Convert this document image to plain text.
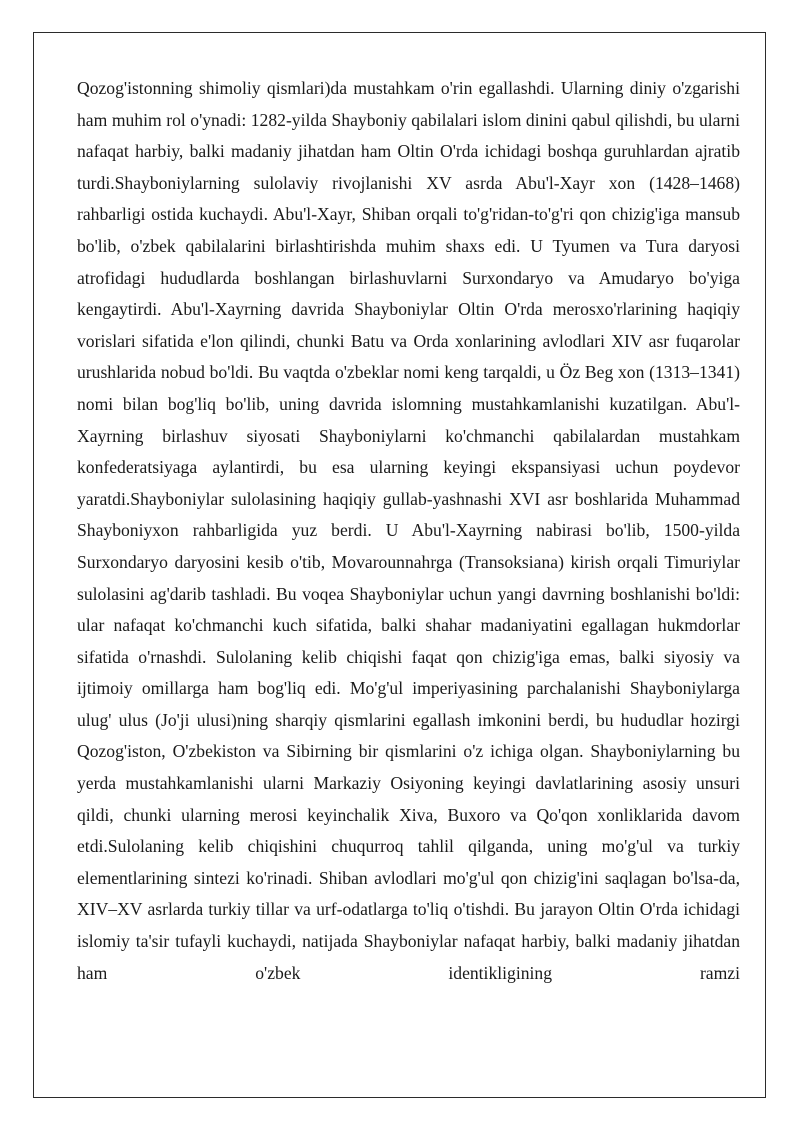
Qozog'istonning shimoliy qismlari)da mustahkam o'rin egallashdi. Ularning diniy o'zgarishi ham muhim rol o'ynadi: 1282-yilda Shayboniy qabilalari islom dinini qabul qilishdi, bu ularni nafaqat harbiy, balki madaniy jihatdan ham Oltin O'rda ichidagi boshqa guruhlardan ajratib turdi.Shayboniylarning sulolaviy rivojlanishi XV asrda Abu'l-Xayr xon (1428–1468) rahbarligi ostida kuchaydi. Abu'l-Xayr, Shiban orqali to'g'ridan-to'g'ri qon chizig'iga mansub bo'lib, o'zbek qabilalarini birlashtirishda muhim shaxs edi. U Tyumen va Tura daryosi atrofidagi hududlarda boshlangan birlashuvlarni Surxondaryo va Amudaryo bo'yiga kengaytirdi. Abu'l-Xayrning davrida Shayboniylar Oltin O'rda merosxo'rlarining haqiqiy vorislari sifatida e'lon qilindi, chunki Batu va Orda xonlarining avlodlari XIV asr fuqarolar urushlarida nobud bo'ldi. Bu vaqtda o'zbeklar nomi keng tarqaldi, u Öz Beg xon (1313–1341) nomi bilan bog'liq bo'lib, uning davrida islomning mustahkamlanishi kuzatilgan. Abu'l-Xayrning birlashuv siyosati Shayboniylarni ko'chmanchi qabilalardan mustahkam konfederatsiyaga aylantirdi, bu esa ularning keyingi ekspansiyasi uchun poydevor yaratdi.Shayboniylar sulolasining haqiqiy gullab-yashnashi XVI asr boshlarida Muhammad Shayboniyxon rahbarligida yuz berdi. U Abu'l-Xayrning nabirasi bo'lib, 1500-yilda Surxondaryo daryosini kesib o'tib, Movarounnahrga (Transoksiana) kirish orqali Timuriylar sulolasini ag'darib tashladi. Bu voqea Shayboniylar uchun yangi davrning boshlanishi bo'ldi: ular nafaqat ko'chmanchi kuch sifatida, balki shahar madaniyatini egallagan hukmdorlar sifatida o'rnashdi. Sulolaning kelib chiqishi faqat qon chizig'iga emas, balki siyosiy va ijtimoiy omillarga ham bog'liq edi. Mo'g'ul imperiyasining parchalanishi Shayboniylarga ulug' ulus (Jo'ji ulusi)ning sharqiy qismlarini egallash imkonini berdi, bu hududlar hozirgi Qozog'iston, O'zbekiston va Sibirning bir qismlarini o'z ichiga olgan. Shayboniylarning bu yerda mustahkamlanishi ularni Markaziy Osiyoning keyingi davlatlarining asosiy unsuri qildi, chunki ularning merosi keyinchalik Xiva, Buxoro va Qo'qon xonliklarida davom etdi.Sulolaning kelib chiqishini chuqurroq tahlil qilganda, uning mo'g'ul va turkiy elementlarining sintezi ko'rinadi. Shiban avlodlari mo'g'ul qon chizig'ini saqlagan bo'lsa-da, XIV–XV asrlarda turkiy tillar va urf-odatlarga to'liq o'tishdi. Bu jarayon Oltin O'rda ichidagi islomiy ta'sir tufayli kuchaydi, natijada Shayboniylar nafaqat harbiy, balki madaniy jihatdan ham o'zbek identikligining ramzi
